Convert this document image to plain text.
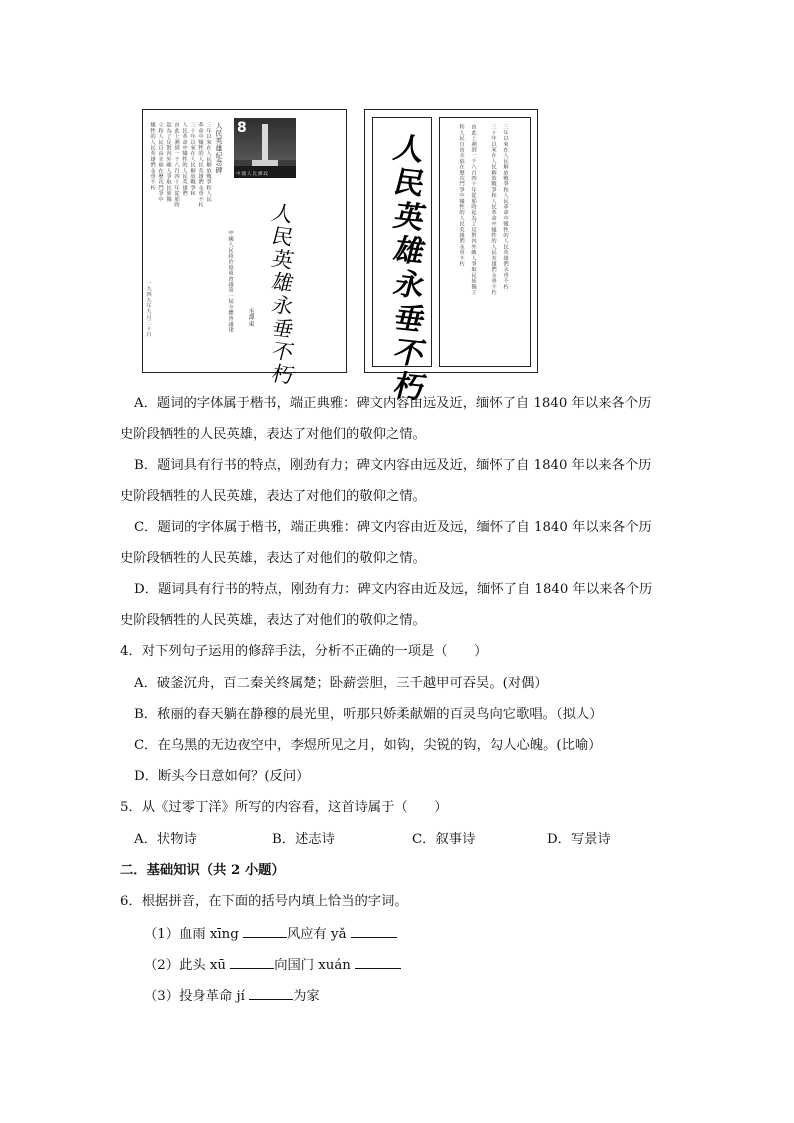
人民英雄紀念碑
三年以來在人民解放戰爭和人民
革命中犧牲的人民英雄們永垂不朽
三十年以來在人民解放戰爭和
人民革命中犧牲的人民英雄們
由此上溯到一千八百四十年從那時
起為了反對內外敵人爭取民族獨
立和人民自由幸福在歷次鬥爭中
犧牲的人民英雄們永垂不朽
中國人民政治協商會議第一屆全體會議建
一九四九年九月三十日
8
中國人民郵政
人民英雄永垂不朽
毛澤東	人民英雄永垂不朽	三年以來在人民解放戰爭和人民革命中犧牲的人民英雄們永垂不朽
三十年以來在人民解放戰爭和人民革命中犧牲的人民英雄們永垂不朽
由此上溯到一千八百四十年從那時起為了反對內外敵人爭取民族獨立
和人民自由幸福在歷次鬥爭中犧牲的人民英雄們永垂不朽
A．题词的字体属于楷书，端正典雅：碑文内容由远及近，缅怀了自 1840 年以来各个历
史阶段牺牲的人民英雄，表达了对他们的敬仰之情。
B．题词具有行书的特点，刚劲有力；碑文内容由远及近，缅怀了自 1840 年以来各个历
史阶段牺牲的人民英雄，表达了对他们的敬仰之情。
C．题词的字体属于楷书，端正典雅：碑文内容由近及远，缅怀了自 1840 年以来各个历
史阶段牺牲的人民英雄，表达了对他们的敬仰之情。
D．题词具有行书的特点，刚劲有力：碑文内容由近及远，缅怀了自 1840 年以来各个历
史阶段牺牲的人民英雄，表达了对他们的敬仰之情。
4．对下列句子运用的修辞手法，分析不正确的一项是（　　）
A．破釜沉舟，百二秦关终属楚；卧薪尝胆，三千越甲可吞吴。(对偶）
B．秾丽的春天躺在静穆的晨光里，听那只娇柔献媚的百灵鸟向它歌唱。（拟人）
C．在乌黑的无边夜空中，李煜所见之月，如钩，尖锐的钩，勾人心魄。(比喻）
D．断头今日意如何？(反问）
5．从《过零丁洋》所写的内容看，这首诗属于（　　）
A．状物诗	B．述志诗	C．叙事诗	D．写景诗
二．基础知识（共 2 小题）
6．根据拼音，在下面的括号内填上恰当的字词。
（1）血雨 xīng	风应有 yǎ
（2）此头 xū	向国门 xuán
（3）投身革命 jí	为家
